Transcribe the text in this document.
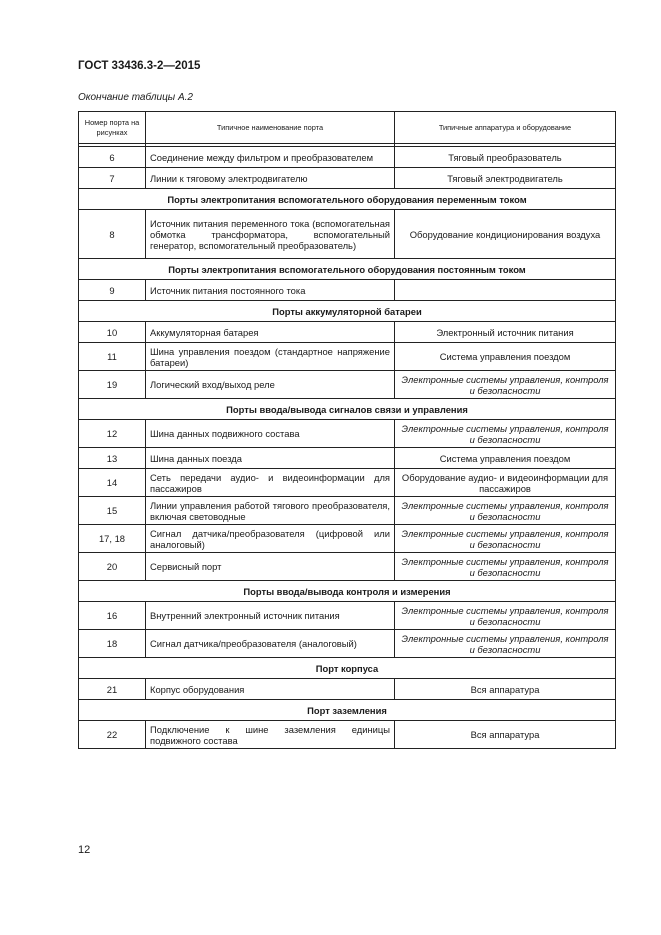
ГОСТ 33436.3-2—2015
Окончание таблицы А.2
Номер порта на рисунках	Типичное наименование порта	Типичные аппаратура и оборудование

6	Соединение между фильтром и преобразователем	Тяговый преобразователь
7	Линии к тяговому электродвигателю	Тяговый электродвигатель
Порты электропитания вспомогательного оборудования переменным током		
8	Источник питания переменного тока (вспомогательная обмотка трансформатора, вспомогательный генератор, вспомогательный преобразователь)	Оборудование кондиционирования воздуха
Порты электропитания вспомогательного оборудования постоянным током		
9	Источник питания постоянного тока	
Порты аккумуляторной батареи		
10	Аккумуляторная батарея	Электронный источник питания
11	Шина управления поездом (стандартное напряжение батареи)	Система управления поездом
19	Логический вход/выход реле	Электронные системы управления, контроля и безопасности
Порты ввода/вывода сигналов связи и управления		
12	Шина данных подвижного состава	Электронные системы управления, контроля и безопасности
13	Шина данных поезда	Система управления поездом
14	Сеть передачи аудио- и видеоинформации для пассажиров	Оборудование аудио- и видеоинформации для пассажиров
15	Линии управления работой тягового преобразователя, включая световодные	Электронные системы управления, контроля и безопасности
17, 18	Сигнал датчика/преобразователя (цифровой или аналоговый)	Электронные системы управления, контроля и безопасности
20	Сервисный порт	Электронные системы управления, контроля и безопасности
Порты ввода/вывода контроля и измерения		
16	Внутренний электронный источник питания	Электронные системы управления, контроля и безопасности
18	Сигнал датчика/преобразователя (аналоговый)	Электронные системы управления, контроля и безопасности
Порт корпуса		
21	Корпус оборудования	Вся аппаратура
Порт заземления		
22	Подключение к шине заземления единицы подвижного состава	Вся аппаратура
12
